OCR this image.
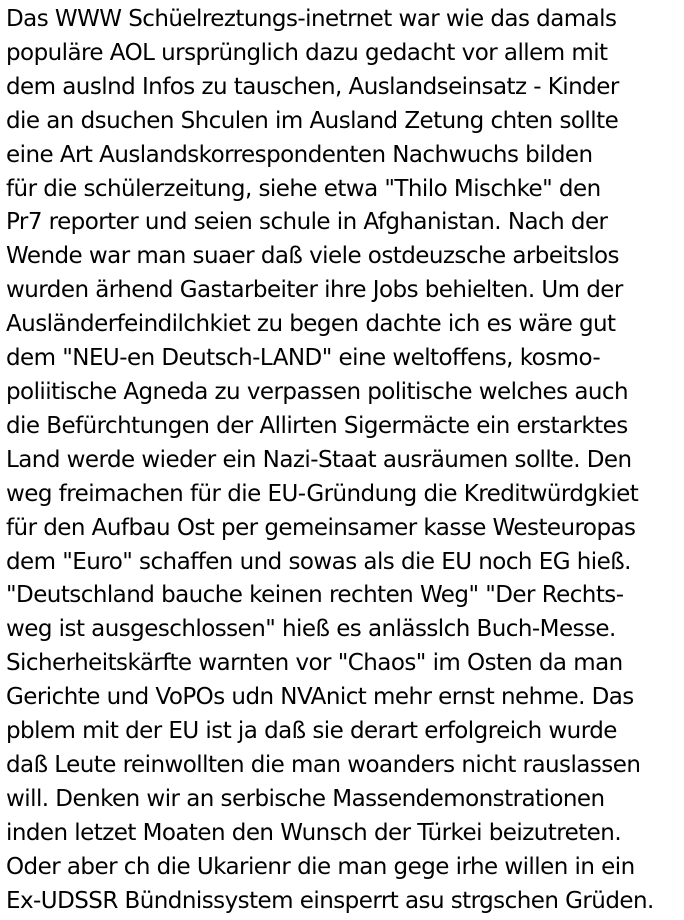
Das WWW Schüelreztungs-inetrnet war wie das damals
populäre AOL ursprünglich dazu gedacht vor allem mit
dem auslnd Infos zu tauschen, Auslandseinsatz - Kinder
die an dsuchen Shculen im Ausland Zetung chten sollte
eine Art Auslandskorrespondenten Nachwuchs bilden
für die schülerzeitung, siehe etwa "Thilo Mischke" den
Pr7 reporter und seien schule in Afghanistan. Nach der
Wende war man suaer daß viele ostdeuzsche arbeitslos
wurden ärhend Gastarbeiter ihre Jobs behielten. Um der
Ausländerfeindilchkiet zu begen dachte ich es wäre gut
dem "NEU-en Deutsch-LAND" eine weltoffens, kosmo-
poliitische Agneda zu verpassen politische welches auch
die Befürchtungen der Allirten Sigermäcte ein erstarktes
Land werde wieder ein Nazi-Staat ausräumen sollte. Den
weg freimachen für die EU-Gründung die Kreditwürdgkiet
für den Aufbau Ost per gemeinsamer kasse Westeuropas
dem "Euro" schaffen und sowas als die EU noch EG hieß.
"Deutschland bauche keinen rechten Weg" "Der Rechts-
weg ist ausgeschlossen" hieß es anlässlch Buch-Messe.
Sicherheitskärfte warnten vor "Chaos" im Osten da man
Gerichte und VoPOs udn NVAnict mehr ernst nehme. Das
pblem mit der EU ist ja daß sie derart erfolgreich wurde
daß Leute reinwollten die man woanders nicht rauslassen
will. Denken wir an serbische Massendemonstrationen
inden letzet Moaten den Wunsch der Türkei beizutreten.
Oder aber ch die Ukarienr die man gege irhe willen in ein
Ex-UDSSR Bündnissystem einsperrt asu strgschen Grüden.
